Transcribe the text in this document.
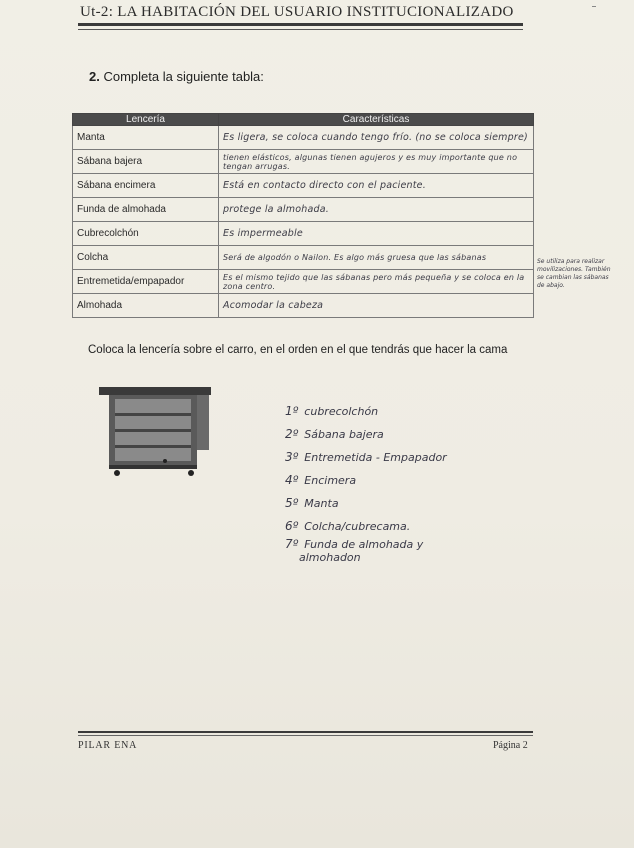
Ut-2: LA HABITACIÓN DEL USUARIO INSTITUCIONALIZADO
2. Completa la siguiente tabla:
Lencería	Características
Manta	Es ligera, se coloca cuando tengo frío. (no se coloca siempre)
Sábana bajera	tienen elásticos, algunas tienen agujeros y es muy importante que no tengan arrugas.
Sábana encimera	Está en contacto directo con el paciente.
Funda de almohada	protege la almohada.
Cubrecolchón	Es impermeable
Colcha	Será de algodón o Nailon. Es algo más gruesa que las sábanas
Entremetida/empapador	Es el mismo tejido que las sábanas pero más pequeña y se coloca en la zona centro.
Almohada	Acomodar la cabeza
Se utiliza para realizar movilizaciones. También se cambian las sábanas de abajo.
Coloca la lencería sobre el carro, en el orden en el que tendrás que hacer la cama
1º cubrecolchón
2º Sábana bajera
3º Entremetida - Empapador
4º Encimera
5º Manta
6º Colcha/cubrecama.
7º Funda de almohada y
almohadon
PILAR ENA	Página 2
